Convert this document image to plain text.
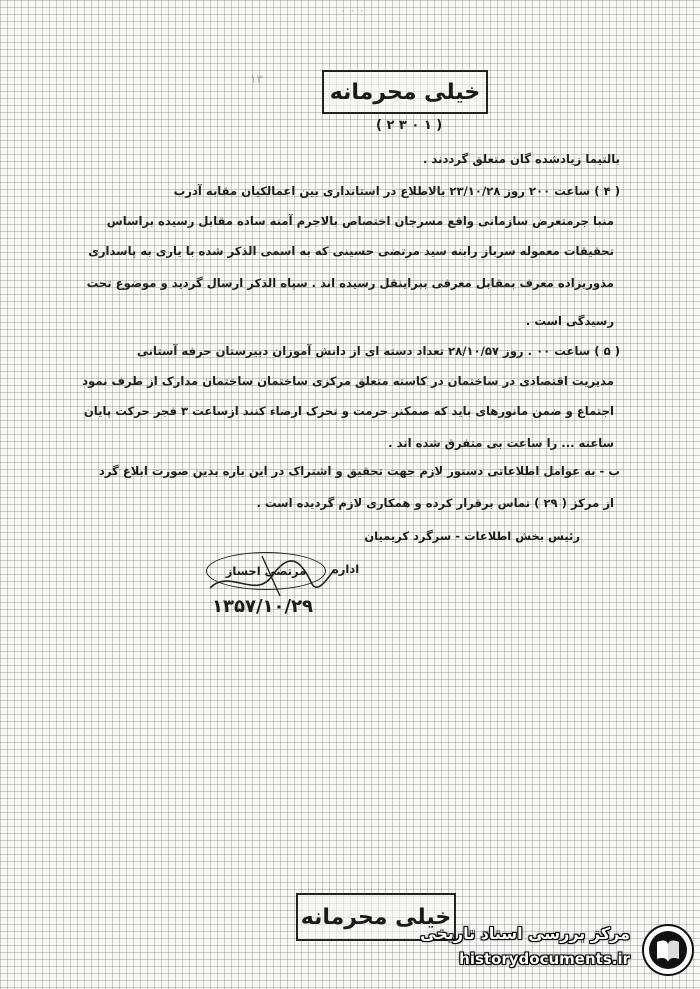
۰ ۰ ۰
۱۳
خیلی محرمانه
( ۲ ۳ ۰ ۱ )
بالتیما زیادشده گان متعلق گرددند .
( ۴ ) ساعت ۲۰۰ روز ۲۳/۱۰/۲۸ بالاطلاع در استانداری بین اعمالکیان مقابه آدرب
منبا جرمتعرض سازمانی واقع مسرجان اختصاص بالاجرم آمنه ساده مقابل رسیده براساس
تحقیقات معموله سرباز رابنه سید مرتضی حسینی که به اسمی الذکر شده با یاری به پاسداری
مذوریزاده معرف بمقابل معرفی ببراینقل رسیده اند . سپاه الذکر ارسال گردید و موضوع تحت
رسیدگی است .
( ۵ ) ساعت ۰۰ . روز ۲۸/۱۰/۵۷ تعداد دسته ای از دانش آموزان دبیرستان حرفه آستانی
مدیریت اقتصادی در ساختمان در کاسته متعلق مرکزی ساختمان ساختمان مدارک از طرف نمود
اجتماع و ضمن مانورهای باید که صمکنر حرمت و تحرک ارضاء کنند ازساعت ۳ فجر حرکت پایان
ساعته ... را ساعت بی متفرق شده اند .
ب - به عوامل اطلاعاتی دستور لازم جهت تحقیق و اشتراک در این باره بدین صورت ابلاغ گرد
از مرکز ( ۲۹ ) تماس برقرار کرده و همکاری لازم گردیده است .
رئیس بخش اطلاعات - سرگرد کریمیان
مرتضی احساز اداره
۱۳۵۷/۱۰/۲۹
خیلی محرمانه
مرکز بررسی اسناد تاریخی
historydocuments.ir
